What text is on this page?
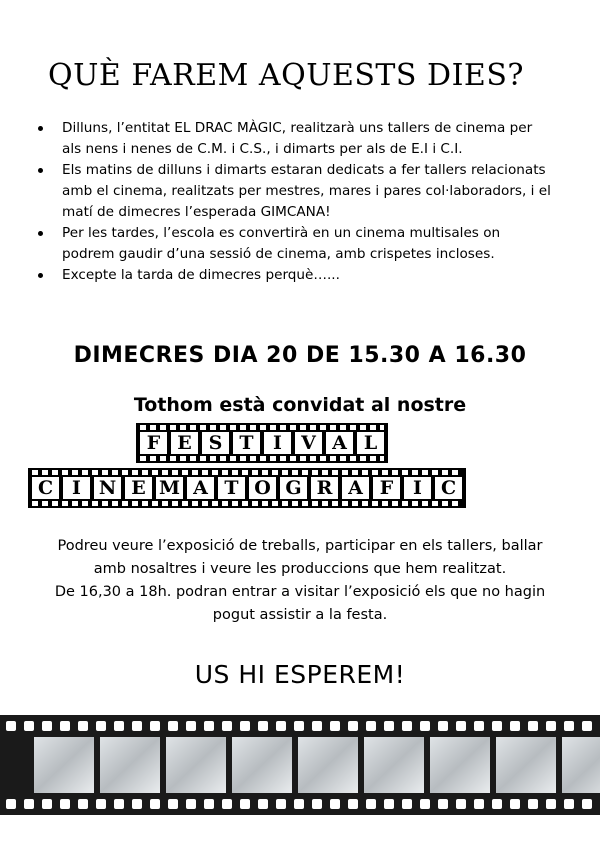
QUÈ FAREM AQUESTS DIES?
Dilluns, l’entitat EL DRAC MÀGIC, realitzarà uns tallers de cinema per als nens i nenes de C.M. i C.S., i dimarts per als de E.I i C.I.
Els matins de dilluns i dimarts estaran dedicats a fer tallers relacionats amb el cinema, realitzats per mestres, mares i pares col·laboradors, i el matí de dimecres l’esperada GIMCANA!
Per les tardes, l’escola es convertirà en un cinema multisales on podrem gaudir d’una sessió de cinema, amb crispetes incloses.
Excepte la tarda de dimecres perquè…...
DIMECRES DIA 20 DE 15.30 A 16.30
Tothom està convidat al nostre
F E S T	I	V A L
C I N E M A T O G R A F	I	C
Podreu veure l’exposició de treballs, participar en els tallers, ballar
amb nosaltres i veure les produccions que hem realitzat.
De 16,30 a 18h. podran entrar a visitar l’exposició els que no hagin
pogut assistir a la festa.
US HI ESPEREM!
